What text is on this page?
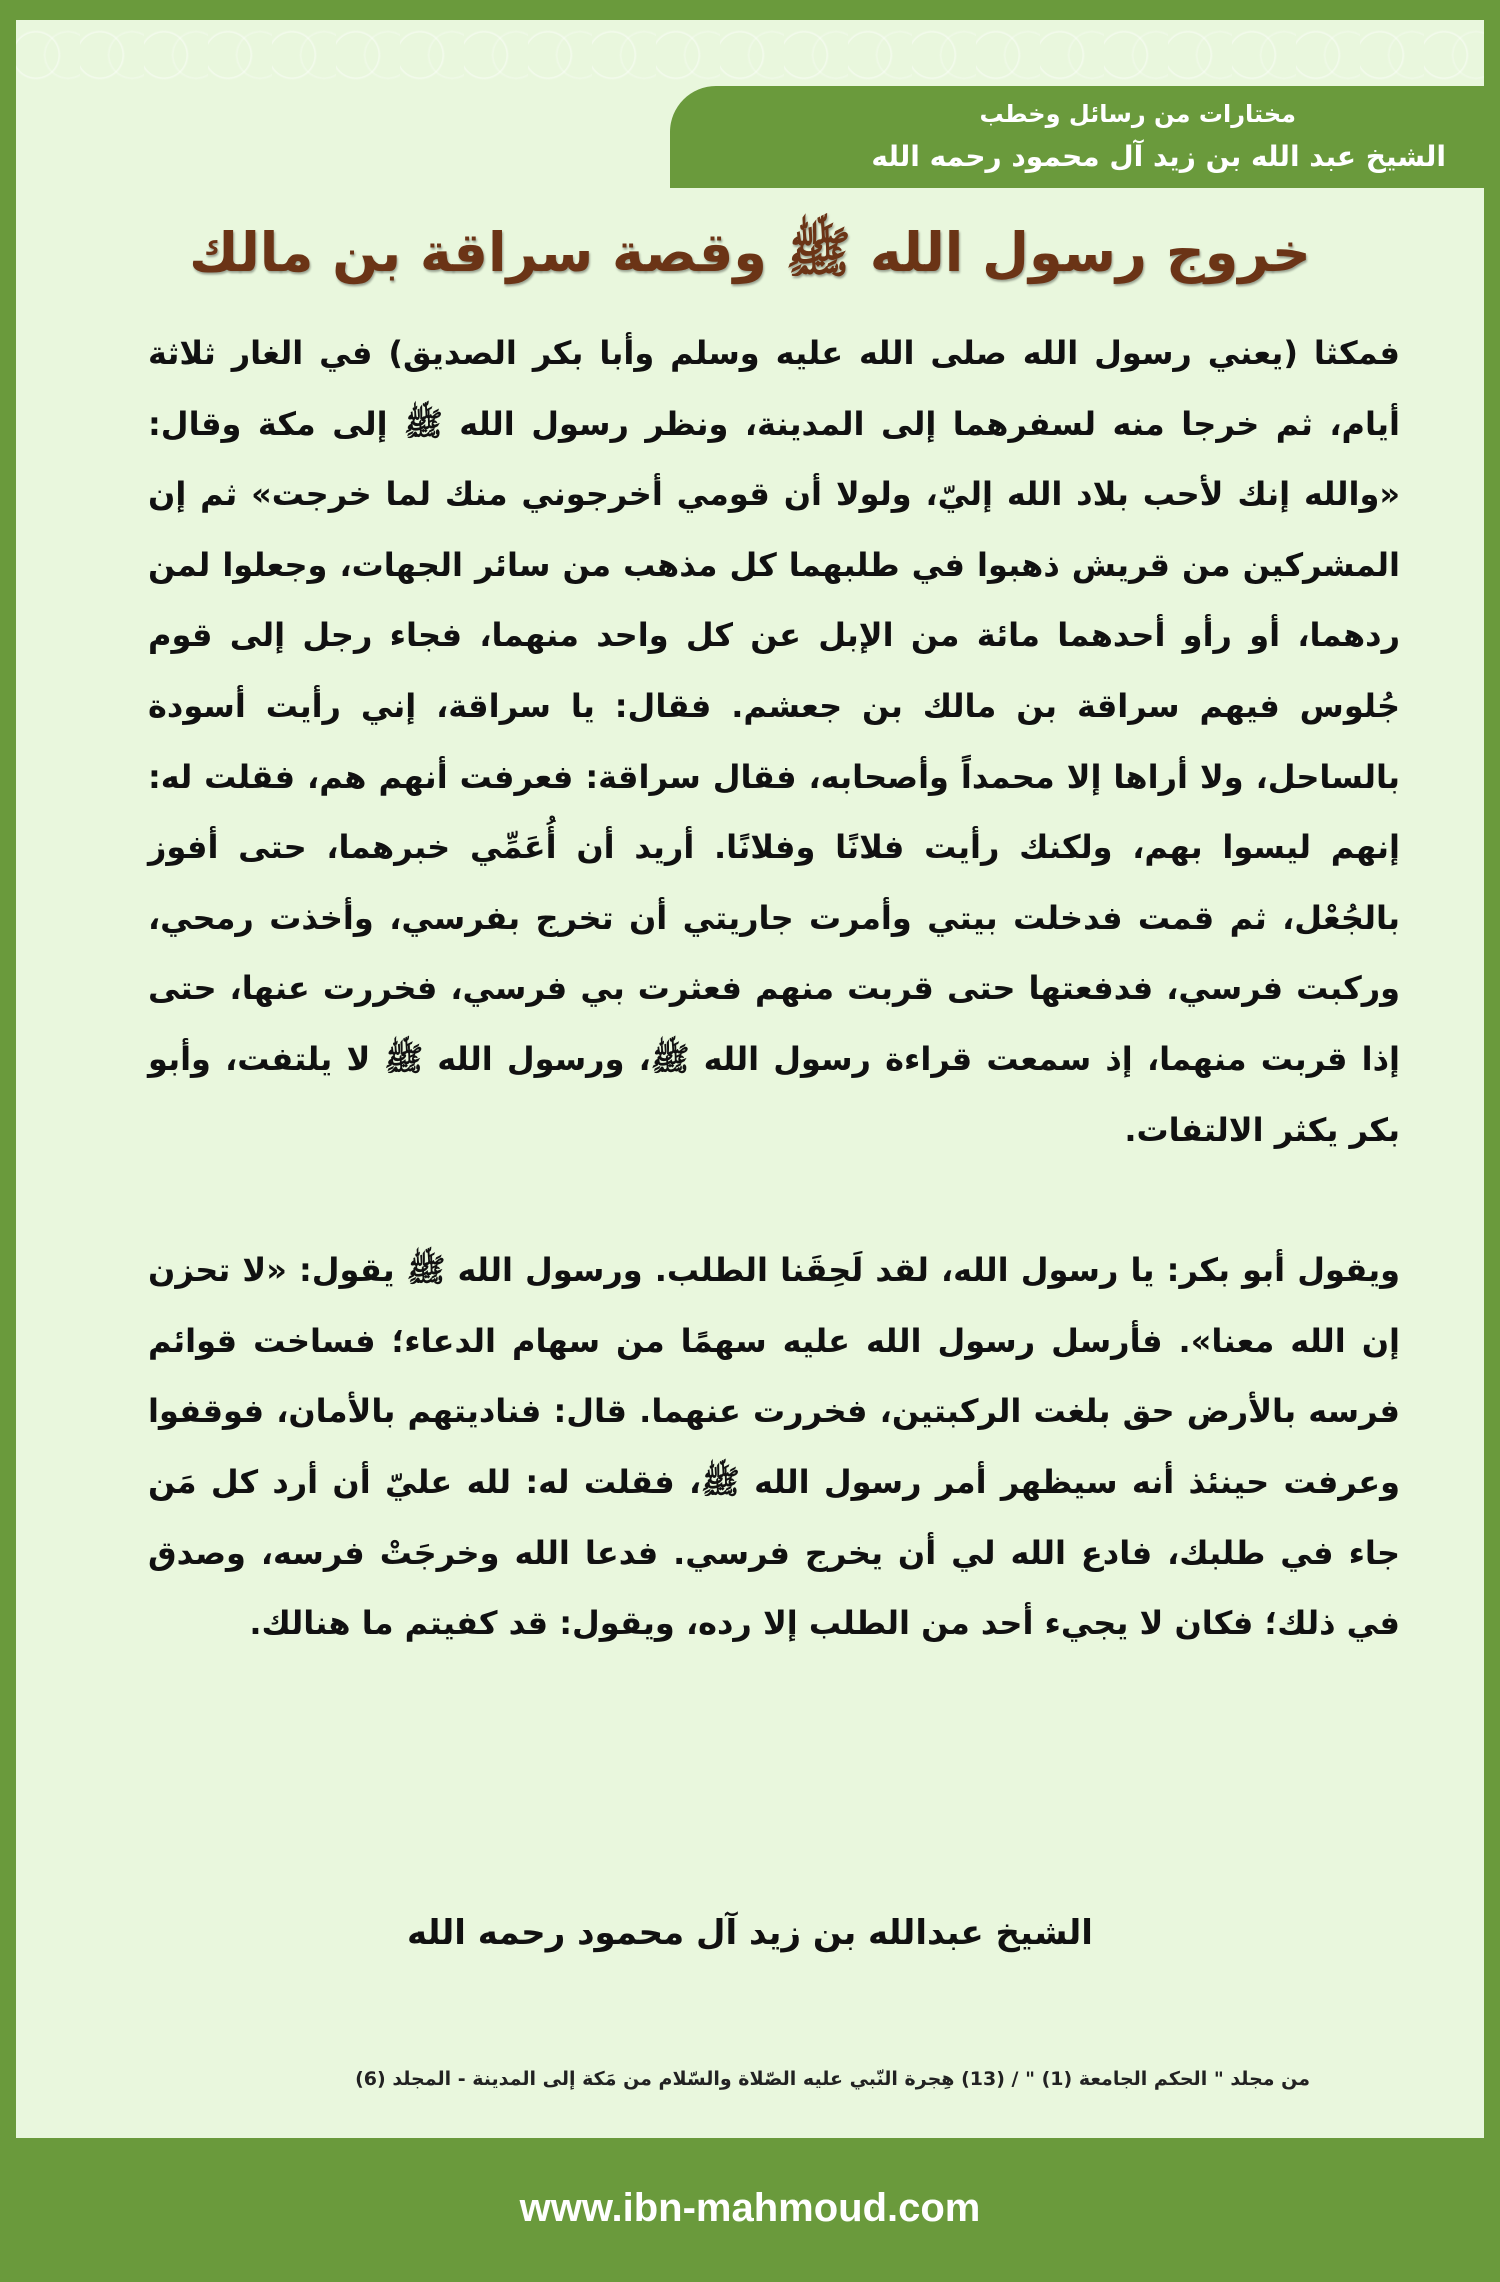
مختارات من رسائل وخطب
الشيخ عبد الله بن زيد آل محمود رحمه الله
خروج رسول الله ﷺ وقصة سراقة بن مالك

فمكثا (يعني رسول الله صلى الله عليه وسلم وأبا بكر الصديق) في الغار ثلاثة أيام، ثم خرجا منه لسفرهما إلى المدينة، ونظر رسول الله ﷺ إلى مكة وقال: «والله إنك لأحب بلاد الله إليّ، ولولا أن قومي أخرجوني منك لما خرجت» ثم إن المشركين من قريش ذهبوا في طلبهما كل مذهب من سائر الجهات، وجعلوا لمن ردهما، أو رأو أحدهما مائة من الإبل عن كل واحد منهما، فجاء رجل إلى قوم جُلوس فيهم سراقة بن مالك بن جعشم. فقال: يا سراقة، إني رأيت أسودة بالساحل، ولا أراها إلا محمداً وأصحابه، فقال سراقة: فعرفت أنهم هم، فقلت له: إنهم ليسوا بهم، ولكنك رأيت فلانًا وفلانًا. أريد أن أُعَمِّي خبرهما، حتى أفوز بالجُعْل، ثم قمت فدخلت بيتي وأمرت جاريتي أن تخرج بفرسي، وأخذت رمحي، وركبت فرسي، فدفعتها حتى قربت منهم فعثرت بي فرسي، فخررت عنها، حتى إذا قربت منهما، إذ سمعت قراءة رسول الله ﷺ، ورسول الله ﷺ لا يلتفت، وأبو بكر يكثر الالتفات.

ويقول أبو بكر: يا رسول الله، لقد لَحِقَنا الطلب. ورسول الله ﷺ يقول: «لا تحزن إن الله معنا». فأرسل رسول الله عليه سهمًا من سهام الدعاء؛ فساخت قوائم فرسه بالأرض حق بلغت الركبتين، فخررت عنهما. قال: فناديتهم بالأمان، فوقفوا وعرفت حينئذ أنه سيظهر أمر رسول الله ﷺ، فقلت له: لله عليّ أن أرد كل مَن جاء في طلبك، فادع الله لي أن يخرج فرسي. فدعا الله وخرجَتْ فرسه، وصدق في ذلك؛ فكان لا يجيء أحد من الطلب إلا رده، ويقول: قد كفيتم ما هنالك.

الشيخ عبدالله بن زيد آل محمود رحمه الله
من مجلد " الحكم الجامعة (1) " / (13) هِجرة النّبي عليه الصّلاة والسّلام من مَكة إلى المدينة - المجلد (6)
www.ibn-mahmoud.com
